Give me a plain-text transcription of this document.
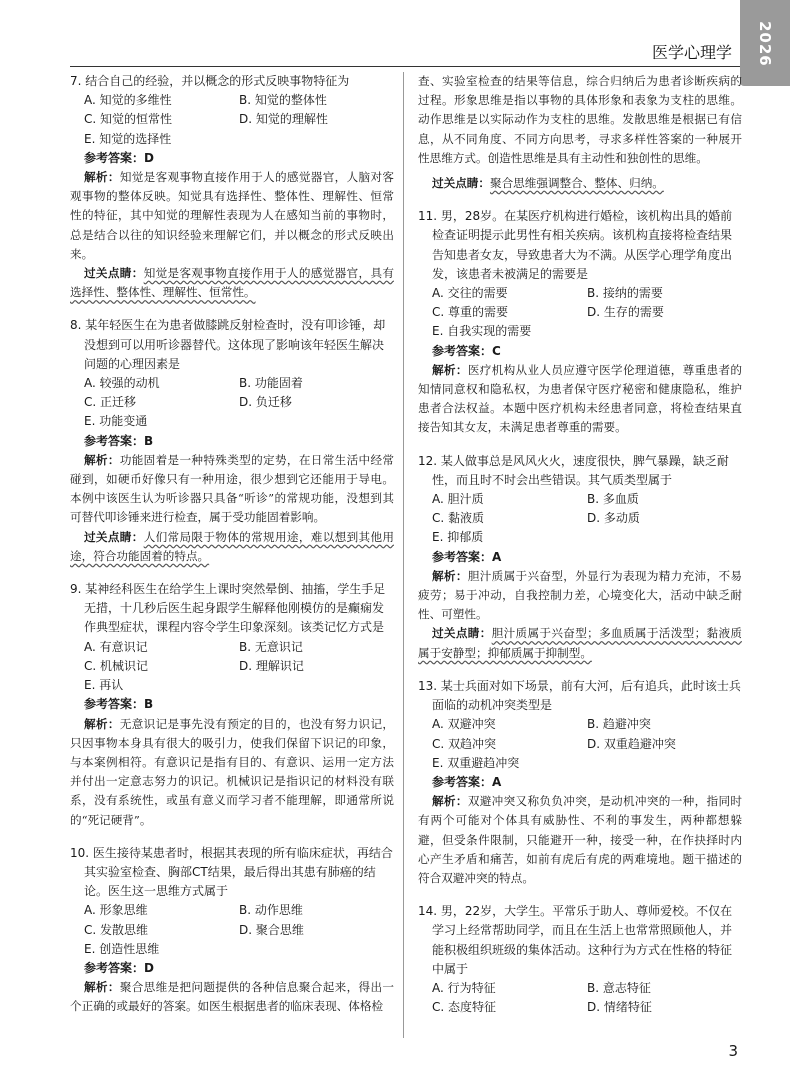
2026
医学心理学
7. 结合自己的经验，并以概念的形式反映事物特征为
A. 知觉的多维性	B. 知觉的整体性
C. 知觉的恒常性	D. 知觉的理解性
E. 知觉的选择性
参考答案：D
解析：知觉是客观事物直接作用于人的感觉器官，人脑对客观事物的整体反映。知觉具有选择性、整体性、理解性、恒常性的特征，其中知觉的理解性表现为人在感知当前的事物时，总是结合以往的知识经验来理解它们，并以概念的形式反映出来。
过关点睛：知觉是客观事物直接作用于人的感觉器官，具有选择性、整体性、理解性、恒常性。
8. 某年轻医生在为患者做膝跳反射检查时，没有叩诊锤，却没想到可以用听诊器替代。这体现了影响该年轻医生解决问题的心理因素是
A. 较强的动机	B. 功能固着
C. 正迁移	D. 负迁移
E. 功能变通
参考答案：B
解析：功能固着是一种特殊类型的定势，在日常生活中经常碰到，如硬币好像只有一种用途，很少想到它还能用于导电。本例中该医生认为听诊器只具备“听诊”的常规功能，没想到其可替代叩诊锤来进行检查，属于受功能固着影响。
过关点睛：人们常局限于物体的常规用途，难以想到其他用途，符合功能固着的特点。
9. 某神经科医生在给学生上课时突然晕倒、抽搐，学生手足无措，十几秒后医生起身跟学生解释他刚模仿的是癫痫发作典型症状，课程内容令学生印象深刻。该类记忆方式是
A. 有意识记	B. 无意识记
C. 机械识记	D. 理解识记
E. 再认
参考答案：B
解析：无意识记是事先没有预定的目的，也没有努力识记，只因事物本身具有很大的吸引力，使我们保留下识记的印象，与本案例相符。有意识记是指有目的、有意识、运用一定方法并付出一定意志努力的识记。机械识记是指识记的材料没有联系，没有系统性，或虽有意义而学习者不能理解，即通常所说的“死记硬背”。
10. 医生接待某患者时，根据其表现的所有临床症状，再结合其实验室检查、胸部CT结果，最后得出其患有肺癌的结论。医生这一思维方式属于
A. 形象思维	B. 动作思维
C. 发散思维	D. 聚合思维
E. 创造性思维
参考答案：D
解析：聚合思维是把问题提供的各种信息聚合起来，得出一个正确的或最好的答案。如医生根据患者的临床表现、体格检
查、实验室检查的结果等信息，综合归纳后为患者诊断疾病的过程。形象思维是指以事物的具体形象和表象为支柱的思维。动作思维是以实际动作为支柱的思维。发散思维是根据已有信息，从不同角度、不同方向思考，寻求多样性答案的一种展开性思维方式。创造性思维是具有主动性和独创性的思维。
过关点睛：聚合思维强调整合、整体、归纳。
11. 男，28岁。在某医疗机构进行婚检，该机构出具的婚前检查证明提示此男性有相关疾病。该机构直接将检查结果告知患者女友，导致患者大为不满。从医学心理学角度出发，该患者未被满足的需要是
A. 交往的需要	B. 接纳的需要
C. 尊重的需要	D. 生存的需要
E. 自我实现的需要
参考答案：C
解析：医疗机构从业人员应遵守医学伦理道德，尊重患者的知情同意权和隐私权，为患者保守医疗秘密和健康隐私，维护患者合法权益。本题中医疗机构未经患者同意，将检查结果直接告知其女友，未满足患者尊重的需要。
12. 某人做事总是风风火火，速度很快，脾气暴躁，缺乏耐性，而且时不时会出些错误。其气质类型属于
A. 胆汁质	B. 多血质
C. 黏液质	D. 多动质
E. 抑郁质
参考答案：A
解析：胆汁质属于兴奋型，外显行为表现为精力充沛，不易疲劳；易于冲动，自我控制力差，心境变化大，活动中缺乏耐性、可塑性。
过关点睛：胆汁质属于兴奋型；多血质属于活泼型；黏液质属于安静型；抑郁质属于抑制型。
13. 某士兵面对如下场景，前有大河，后有追兵，此时该士兵面临的动机冲突类型是
A. 双避冲突	B. 趋避冲突
C. 双趋冲突	D. 双重趋避冲突
E. 双重避趋冲突
参考答案：A
解析：双避冲突又称负负冲突，是动机冲突的一种，指同时有两个可能对个体具有威胁性、不利的事发生，两种都想躲避，但受条件限制，只能避开一种，接受一种，在作抉择时内心产生矛盾和痛苦，如前有虎后有虎的两难境地。题干描述的符合双避冲突的特点。
14. 男，22岁，大学生。平常乐于助人、尊师爱校。不仅在学习上经常帮助同学，而且在生活上也常常照顾他人，并能积极组织班级的集体活动。这种行为方式在性格的特征中属于
A. 行为特征	B. 意志特征
C. 态度特征	D. 情绪特征
3
